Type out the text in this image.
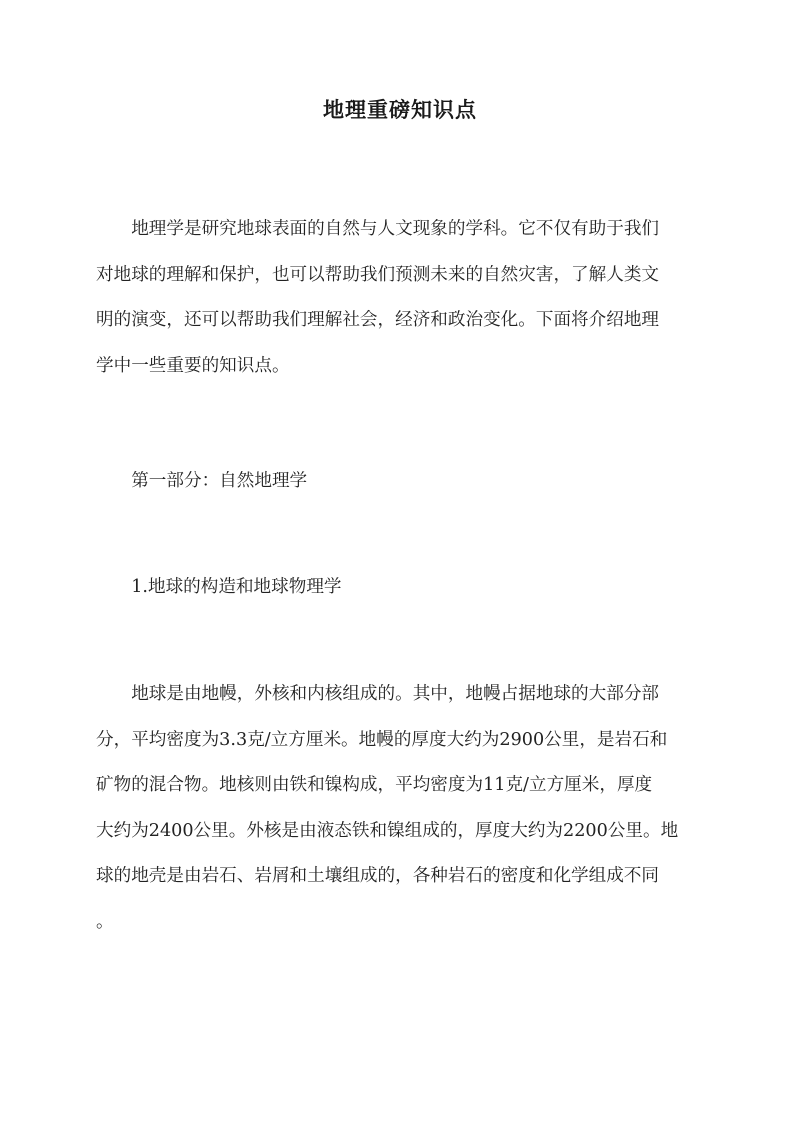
地理重磅知识点
　　地理学是研究地球表面的自然与人文现象的学科。它不仅有助于我们
对地球的理解和保护，也可以帮助我们预测未来的自然灾害，了解人类文
明的演变，还可以帮助我们理解社会，经济和政治变化。下面将介绍地理
学中一些重要的知识点。
　　第一部分：自然地理学
　　1.地球的构造和地球物理学
　　地球是由地幔，外核和内核组成的。其中，地幔占据地球的大部分部
分，平均密度为3.3克/立方厘米。地幔的厚度大约为2900公里，是岩石和
矿物的混合物。地核则由铁和镍构成，平均密度为11克/立方厘米，厚度
大约为2400公里。外核是由液态铁和镍组成的，厚度大约为2200公里。地
球的地壳是由岩石、岩屑和土壤组成的，各种岩石的密度和化学组成不同
。
